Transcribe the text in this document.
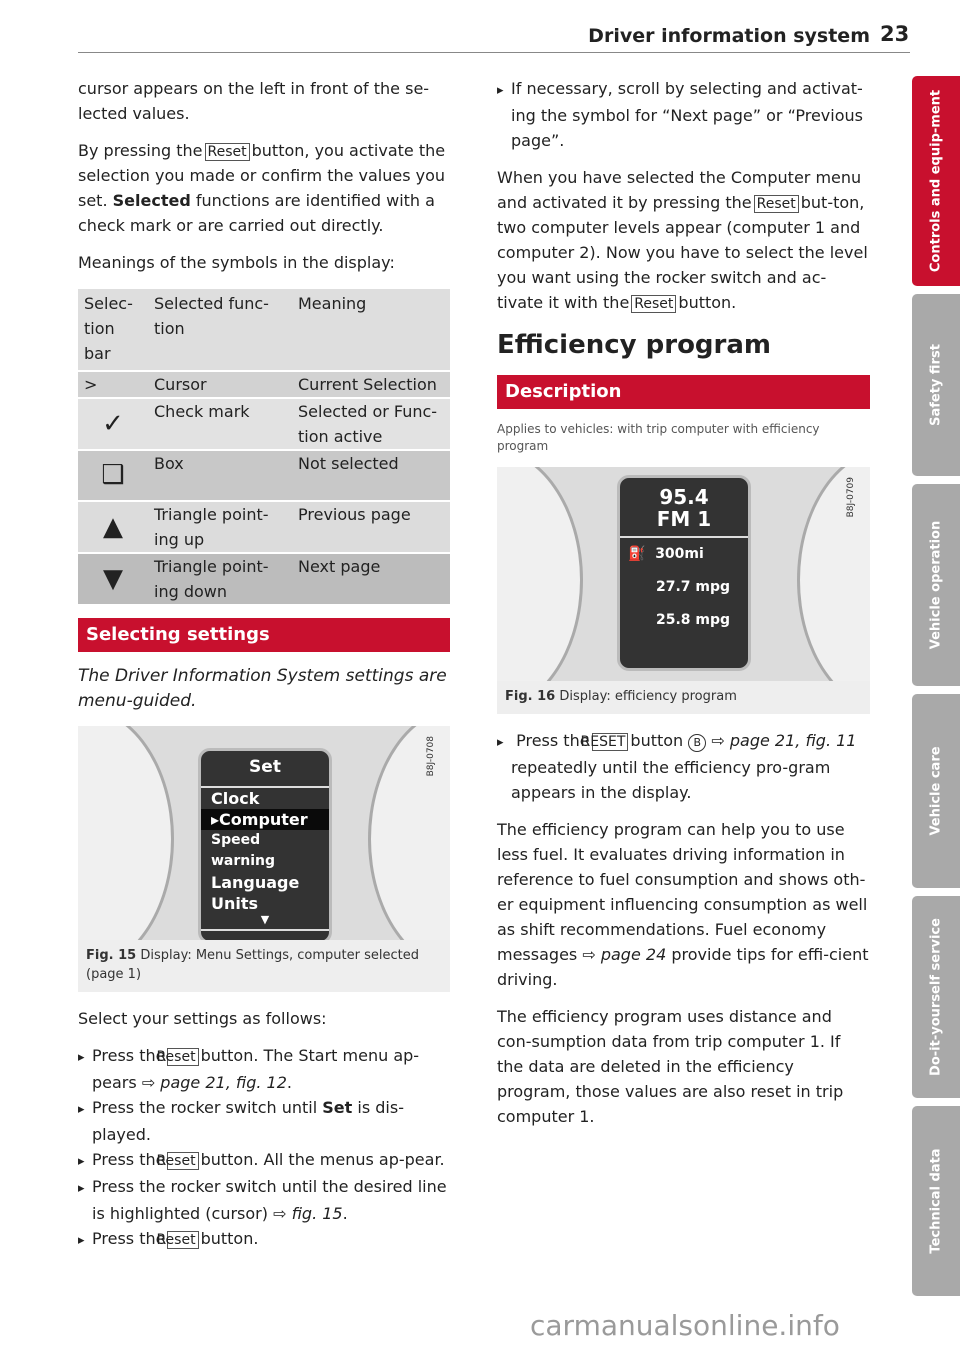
Driver information system 23

cursor appears on the left in front of the se-lected values.

By pressing the Reset button, you activate the selection you made or confirm the values you set. Selected functions are identified with a check mark or are carried out directly.

Meanings of the symbols in the display:

Selec-tion bar	Selected func-tion	Meaning
>	Cursor	Current Selection
✓	Check mark	Selected or Func-tion active
❑	Box	Not selected
▲	Triangle point-ing up	Previous page
▼	Triangle point-ing down	Next page
Selecting settings

The Driver Information System settings are menu-guided.

Set
Clock
▸Computer
Speed warning
Language
Units
▼
B8J-0708
Fig. 15 Display: Menu Settings, computer selected (page 1)

Select your settings as follows:

▸ Press theReset button. The Start menu ap-pears ⇨ page 21, fig. 12.

▸ Press the rocker switch until Set is dis-played.

▸ Press theReset button. All the menus ap-pear.

▸ Press the rocker switch until the desired line is highlighted (cursor) ⇨ fig. 15.

▸ Press theReset button.

▸ If necessary, scroll by selecting and activat-ing the symbol for “Next page” or “Previous page”.

When you have selected the Computer menu and activated it by pressing the Reset but-ton, two computer levels appear (computer 1 and computer 2). Now you have to select the level you want using the rocker switch and ac-tivate it with the Reset button.

Efficiency program
Description
Applies to vehicles: with trip computer with efficiency program
95.4
FM 1
⛽ 300mi
27.7 mpg
25.8 mpg
B8J-0709
Fig. 16 Display: efficiency program

▸ Press theRESET button B ⇨ page 21, fig. 11 repeatedly until the efficiency pro-gram appears in the display.

The efficiency program can help you to use less fuel. It evaluates driving information in reference to fuel consumption and shows oth-er equipment influencing consumption as well as shift recommendations. Fuel economy messages ⇨ page 24 provide tips for effi-cient driving.

The efficiency program uses distance and con-sumption data from trip computer 1. If the data are deleted in the efficiency program, those values are also reset in trip computer 1.

Controls and equip-ment
Safety first
Vehicle operation
Vehicle care
Do-it-yourself service
Technical data
carmanualsonline.info
